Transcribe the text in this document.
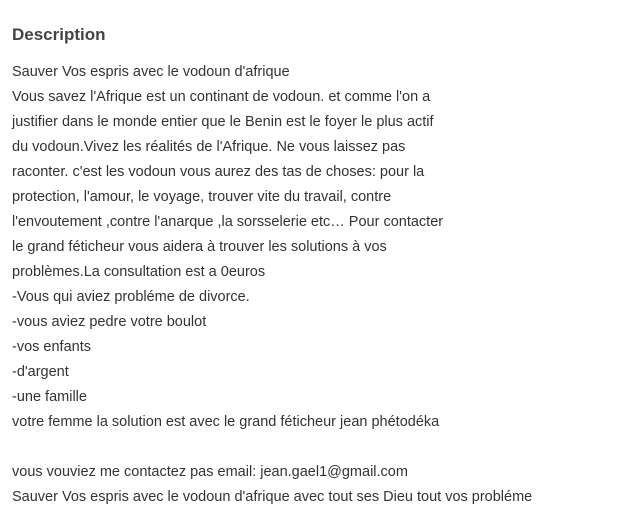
Description
Sauver Vos espris avec le vodoun d'afrique
Vous savez l'Afrique est un continant de vodoun. et comme l'on a
justifier dans le monde entier que le Benin est le foyer le plus actif
du vodoun.Vivez les réalités de l'Afrique. Ne vous laissez pas
raconter. c'est les vodoun vous aurez des tas de choses: pour la
protection, l'amour, le voyage, trouver vite du travail, contre
l'envoutement ,contre l'anarque ,la sorsselerie etc… Pour contacter
le grand féticheur vous aidera à trouver les solutions à vos
problèmes.La consultation est a 0euros
-Vous qui aviez probléme de divorce.
-vous aviez pedre votre boulot
-vos enfants
-d'argent
-une famille
votre femme la solution est avec le grand féticheur jean phétodéka
vous vouviez me contactez pas email: jean.gael1@gmail.com
Sauver Vos espris avec le vodoun d'afrique avec tout ses Dieu tout vos probléme
